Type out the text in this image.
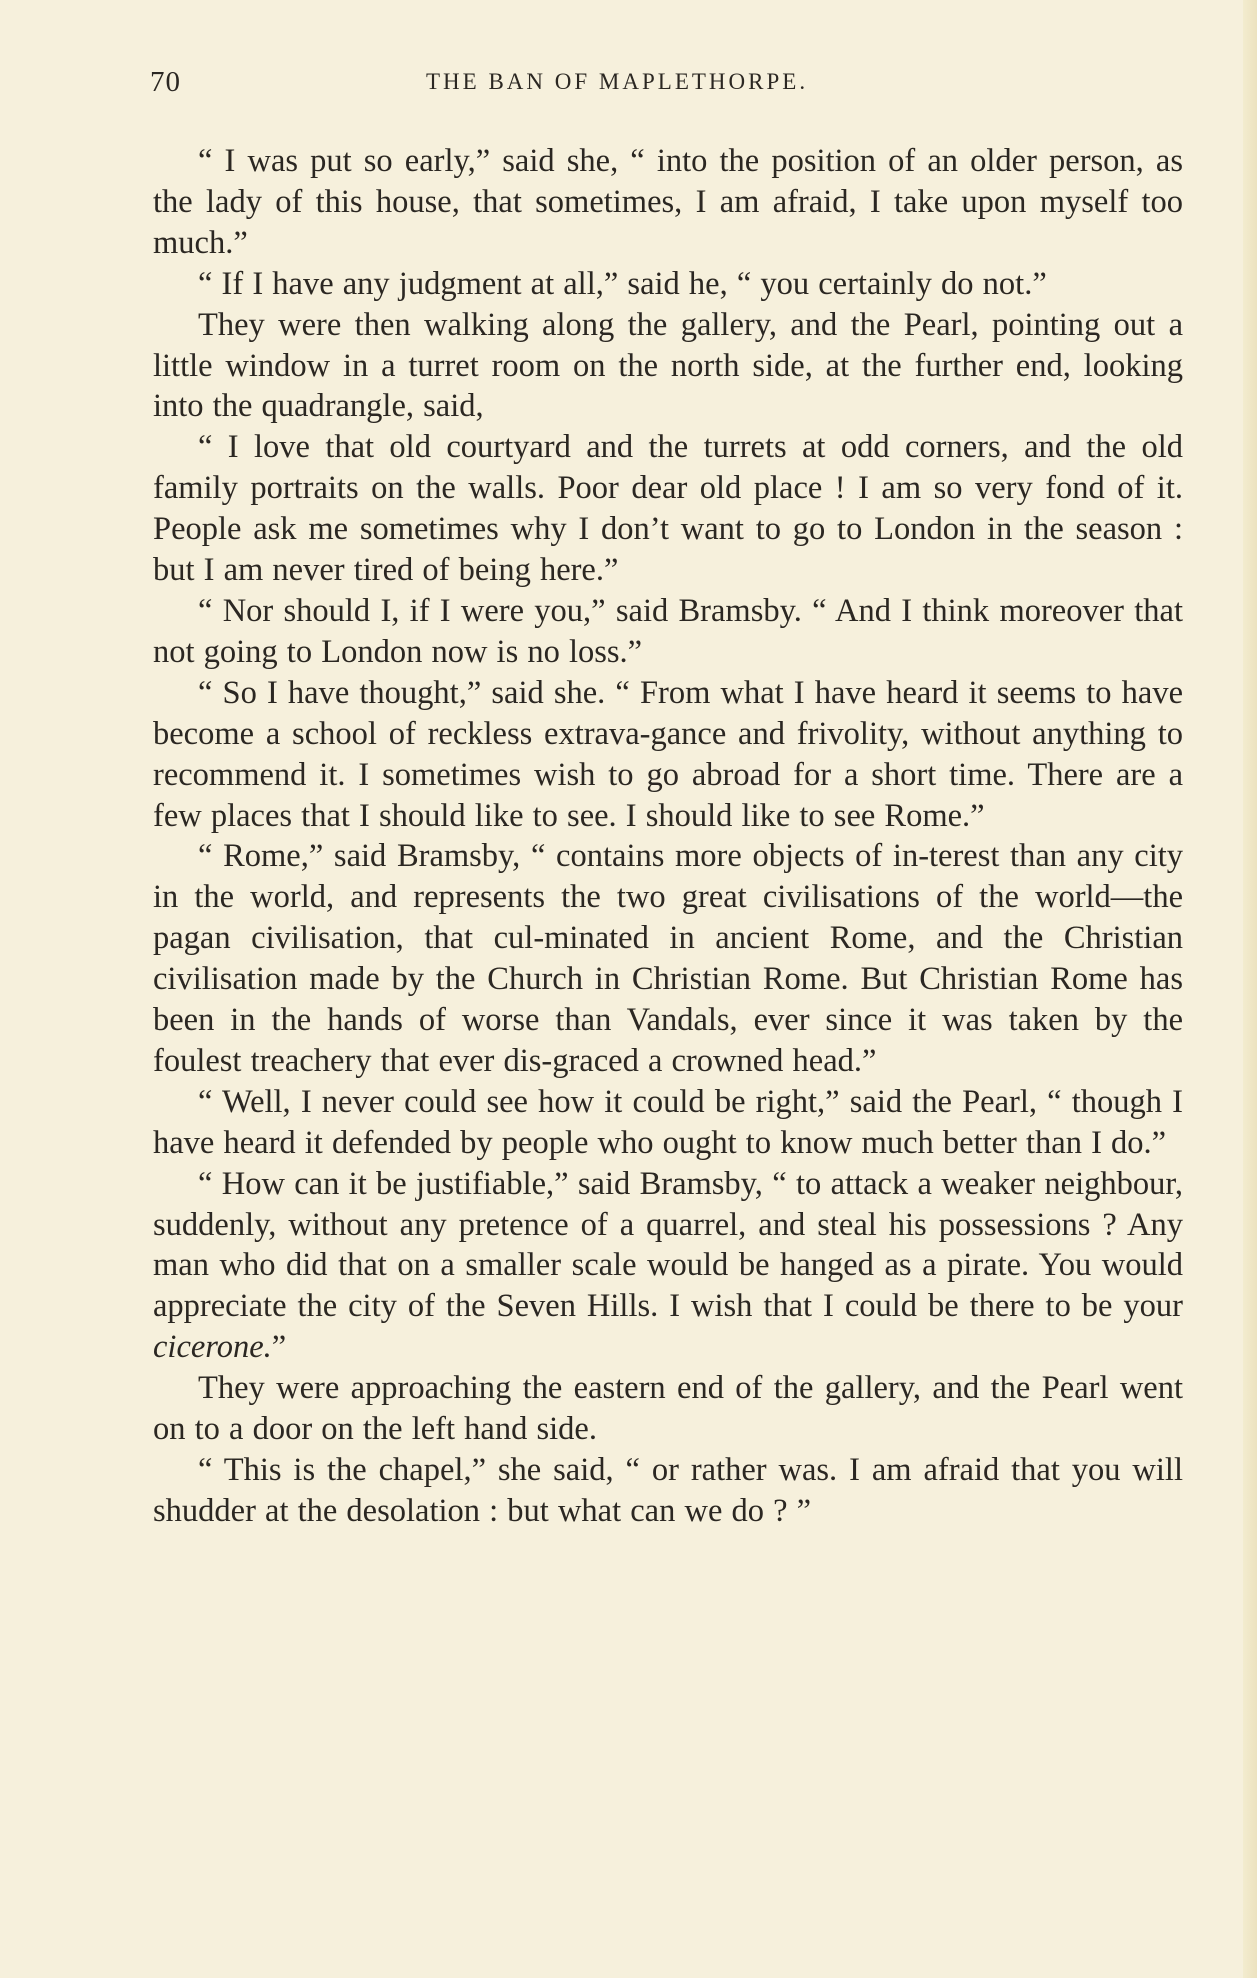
70	THE BAN OF MAPLETHORPE.

“ I was put so early,” said she, “ into the position of an older person, as the lady of this house, that sometimes, I am afraid, I take upon myself too much.”

“ If I have any judgment at all,” said he, “ you certainly do not.”

They were then walking along the gallery, and the Pearl, pointing out a little window in a turret room on the north side, at the further end, looking into the quadrangle, said,

“ I love that old courtyard and the turrets at odd corners, and the old family portraits on the walls. Poor dear old place ! I am so very fond of it. People ask me sometimes why I don’t want to go to London in the season : but I am never tired of being here.”

“ Nor should I, if I were you,” said Bramsby. “ And I think moreover that not going to London now is no loss.”

“ So I have thought,” said she. “ From what I have heard it seems to have become a school of reckless extrava-gance and frivolity, without anything to recommend it. I sometimes wish to go abroad for a short time. There are a few places that I should like to see. I should like to see Rome.”

“ Rome,” said Bramsby, “ contains more objects of in-terest than any city in the world, and represents the two great civilisations of the world—the pagan civilisation, that cul-minated in ancient Rome, and the Christian civilisation made by the Church in Christian Rome. But Christian Rome has been in the hands of worse than Vandals, ever since it was taken by the foulest treachery that ever dis-graced a crowned head.”

“ Well, I never could see how it could be right,” said the Pearl, “ though I have heard it defended by people who ought to know much better than I do.”

“ How can it be justifiable,” said Bramsby, “ to attack a weaker neighbour, suddenly, without any pretence of a quarrel, and steal his possessions ? Any man who did that on a smaller scale would be hanged as a pirate. You would appreciate the city of the Seven Hills. I wish that I could be there to be your cicerone.”

They were approaching the eastern end of the gallery, and the Pearl went on to a door on the left hand side.

“ This is the chapel,” she said, “ or rather was. I am afraid that you will shudder at the desolation : but what can we do ? ”
